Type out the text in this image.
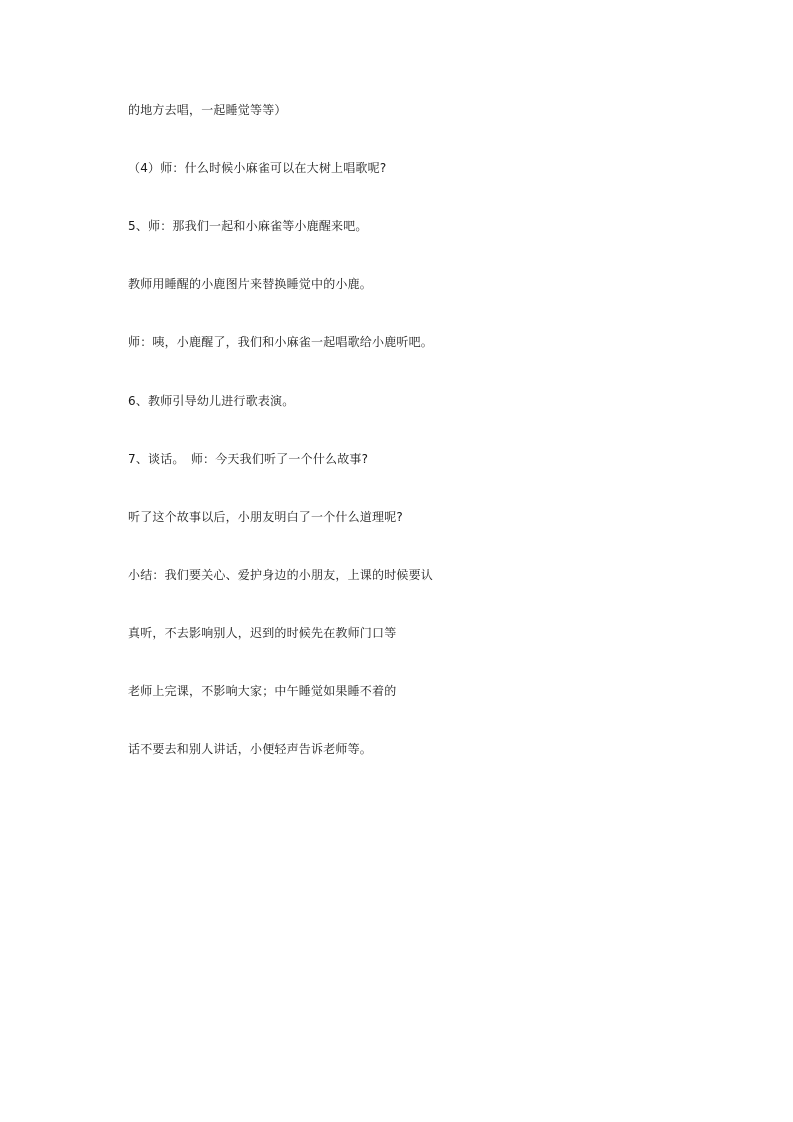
的地方去唱，一起睡觉等等）
（4）师：什么时候小麻雀可以在大树上唱歌呢?
5、师：那我们一起和小麻雀等小鹿醒来吧。
教师用睡醒的小鹿图片来替换睡觉中的小鹿。
师：咦，小鹿醒了，我们和小麻雀一起唱歌给小鹿听吧。
6、教师引导幼儿进行歌表演。
7、谈话。　师：今天我们听了一个什么故事?
听了这个故事以后，小朋友明白了一个什么道理呢?
小结：我们要关心、爱护身边的小朋友，上课的时候要认
真听，不去影响别人，迟到的时候先在教师门口等
老师上完课，不影响大家；中午睡觉如果睡不着的
话不要去和别人讲话，小便轻声告诉老师等。
